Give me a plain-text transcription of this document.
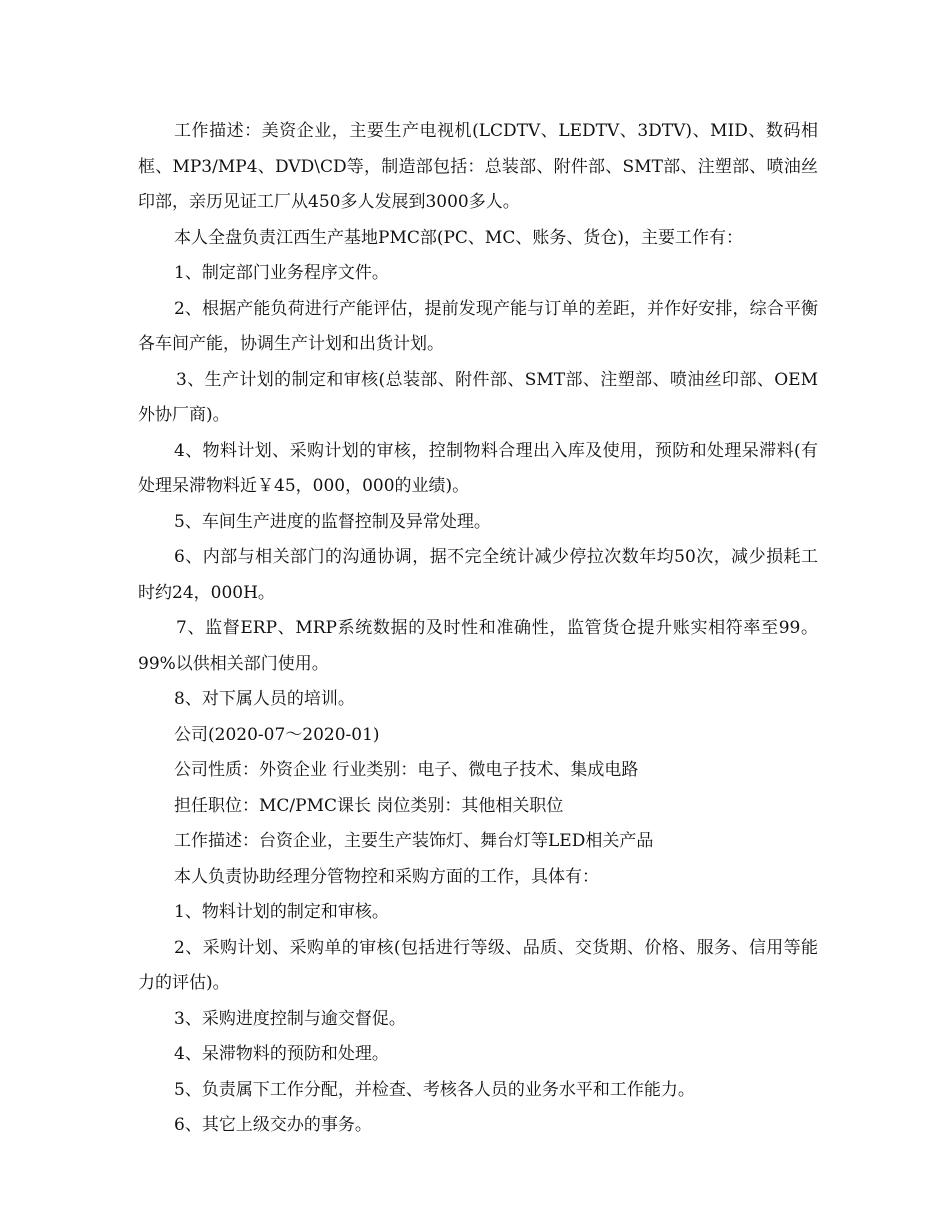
工作描述：美资企业，主要生产电视机(LCDTV、LEDTV、3DTV)、MID、数码相框、MP3/MP4、DVD\CD等，制造部包括：总装部、附件部、SMT部、注塑部、喷油丝印部，亲历见证工厂从450多人发展到3000多人。

本人全盘负责江西生产基地PMC部(PC、MC、账务、货仓)，主要工作有：

1、制定部门业务程序文件。

2、根据产能负荷进行产能评估，提前发现产能与订单的差距，并作好安排，综合平衡各车间产能，协调生产计划和出货计划。

3、生产计划的制定和审核(总装部、附件部、SMT部、注塑部、喷油丝印部、OEM外协厂商)。

4、物料计划、采购计划的审核，控制物料合理出入库及使用，预防和处理呆滞料(有处理呆滞物料近￥45，000，000的业绩)。

5、车间生产进度的监督控制及异常处理。

6、内部与相关部门的沟通协调，据不完全统计减少停拉次数年均50次，减少损耗工时约24，000H。

7、监督ERP、MRP系统数据的及时性和准确性，监管货仓提升账实相符率至99。99%以供相关部门使用。

8、对下属人员的培训。

公司(2020-07～2020-01)

公司性质：外资企业 行业类别：电子、微电子技术、集成电路

担任职位：MC/PMC课长 岗位类别：其他相关职位

工作描述：台资企业，主要生产装饰灯、舞台灯等LED相关产品

本人负责协助经理分管物控和采购方面的工作，具体有：

1、物料计划的制定和审核。

2、采购计划、采购单的审核(包括进行等级、品质、交货期、价格、服务、信用等能力的评估)。

3、采购进度控制与逾交督促。

4、呆滞物料的预防和处理。

5、负责属下工作分配，并检查、考核各人员的业务水平和工作能力。

6、其它上级交办的事务。
